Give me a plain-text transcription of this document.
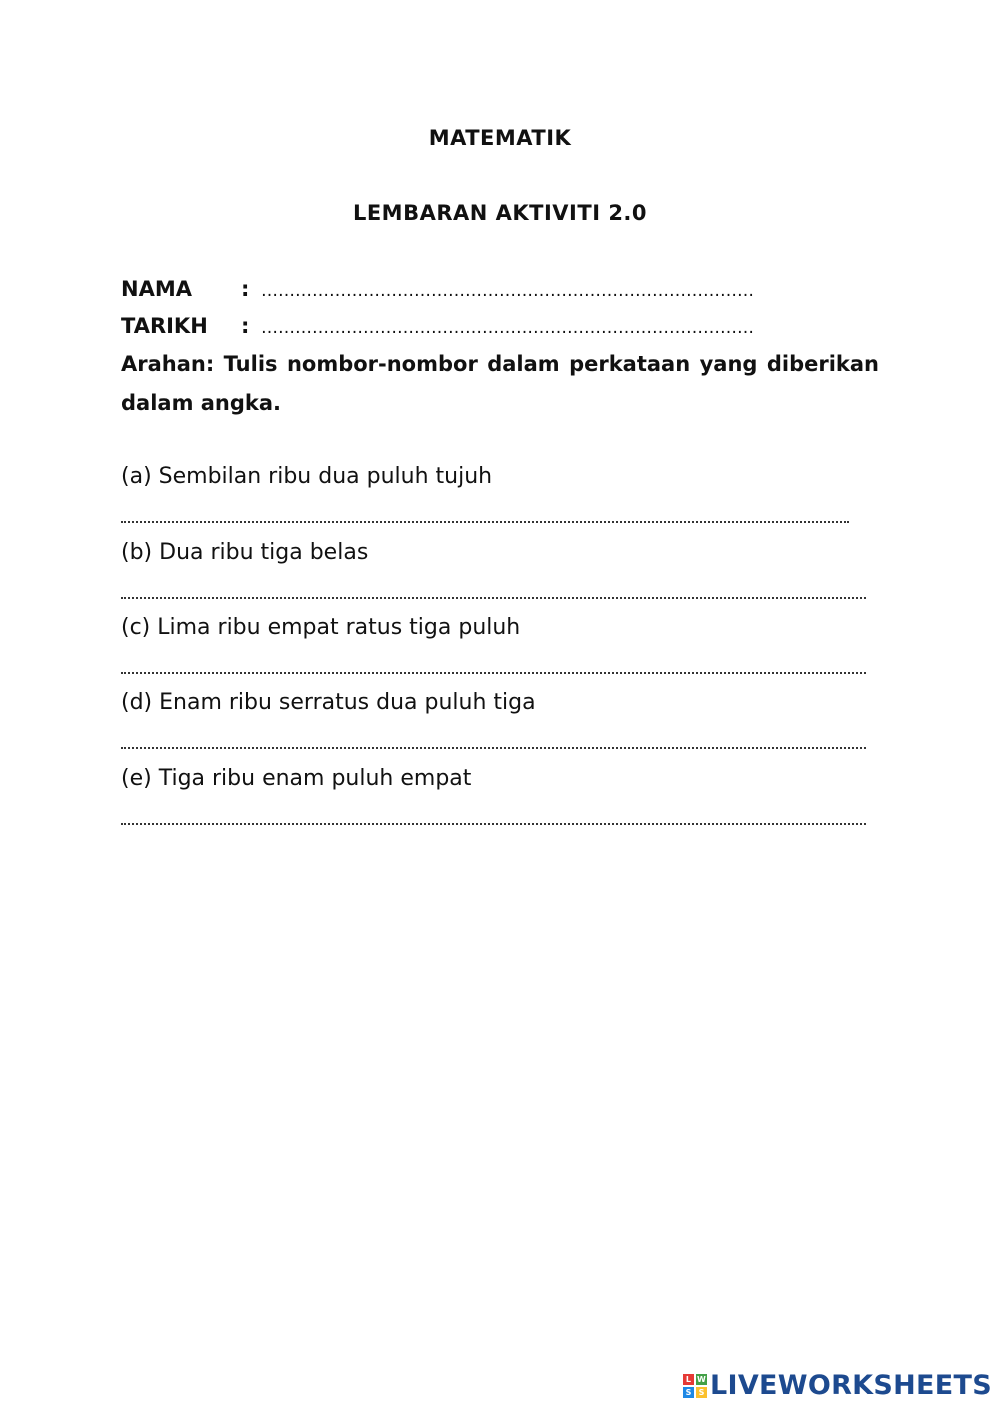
MATEMATIK
LEMBARAN AKTIVITI 2.0
NAMA : ……………………………………………………………………………
TARIKH : ……………………………………………………………………………
Arahan: Tulis nombor-nombor dalam perkataan yang diberikan dalam angka.
(a) Sembilan ribu dua puluh tujuh
(b) Dua ribu tiga belas
(c) Lima ribu empat ratus tiga puluh
(d) Enam ribu serratus dua puluh tiga
(e) Tiga ribu enam puluh empat
L W
S S LIVEWORKSHEETS
